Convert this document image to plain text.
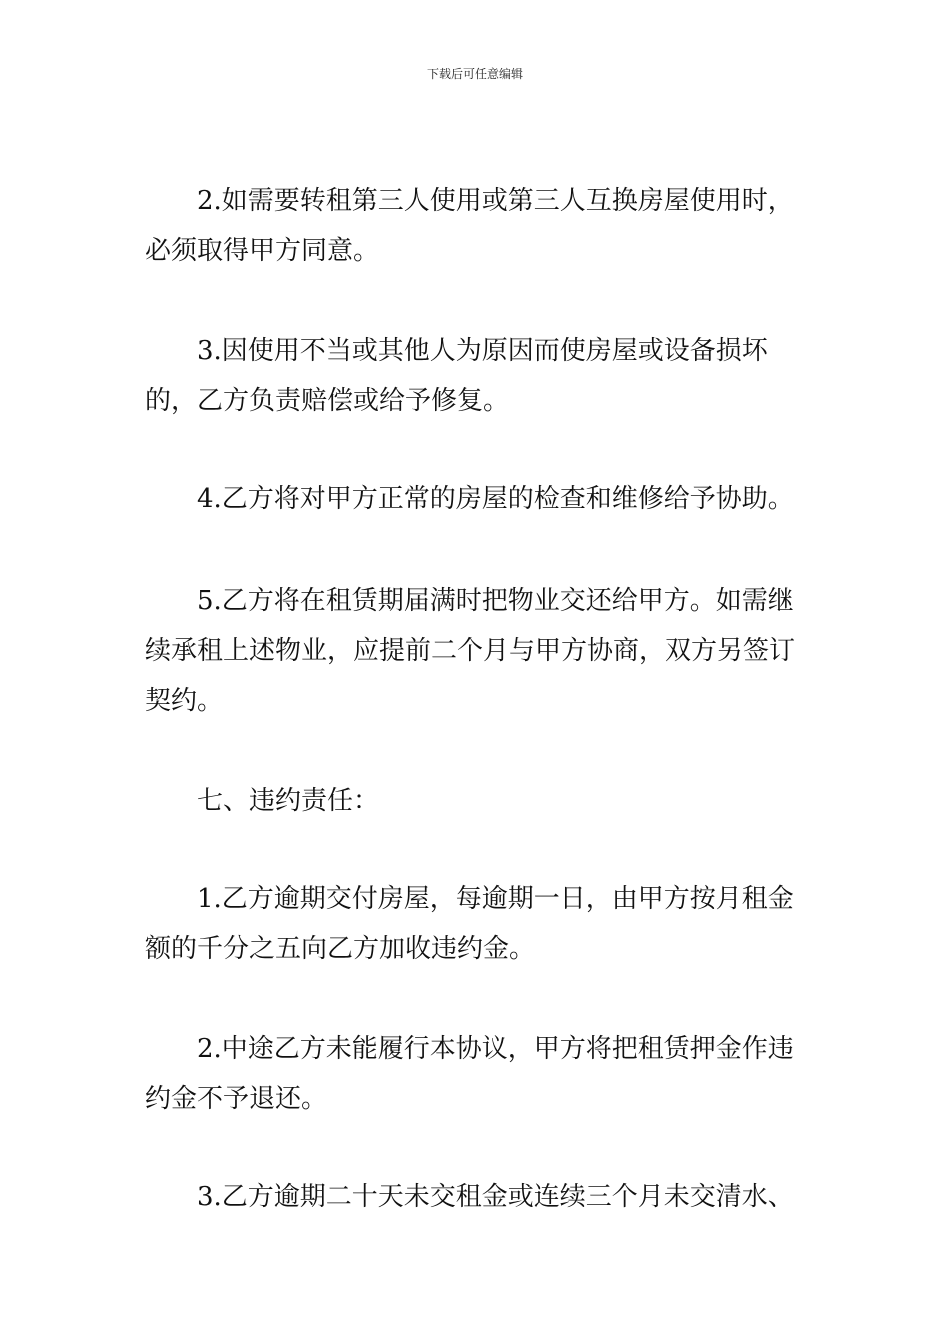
下载后可任意编辑

2.如需要转租第三人使用或第三人互换房屋使用时，必须取得甲方同意。

3.因使用不当或其他人为原因而使房屋或设备损坏的，乙方负责赔偿或给予修复。

4.乙方将对甲方正常的房屋的检查和维修给予协助。

5.乙方将在租赁期届满时把物业交还给甲方。如需继续承租上述物业，应提前二个月与甲方协商，双方另签订契约。

七、违约责任：

1.乙方逾期交付房屋，每逾期一日，由甲方按月租金额的千分之五向乙方加收违约金。

2.中途乙方未能履行本协议，甲方将把租赁押金作违约金不予退还。

3.乙方逾期二十天未交租金或连续三个月未交清水、
